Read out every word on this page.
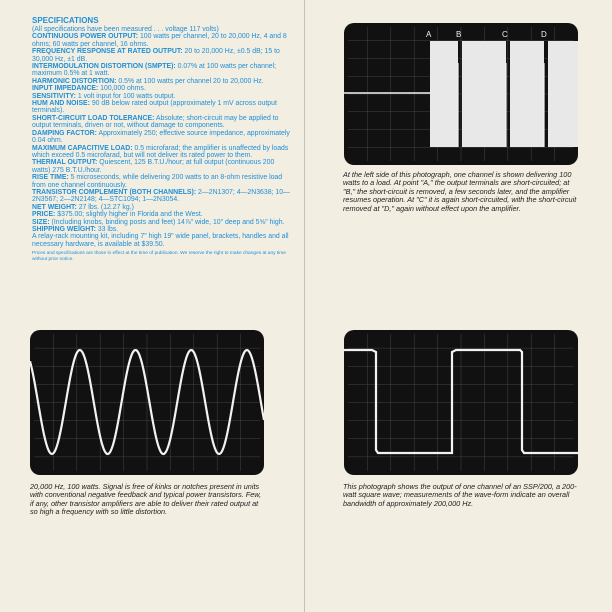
SPECIFICATIONS
(All specifications have been measured . . . voltage 117 volts)
CONTINUOUS POWER OUTPUT: 100 watts per channel, 20 to 20,000 Hz, 4 and 8 ohms; 60 watts per channel, 16 ohms.
FREQUENCY RESPONSE AT RATED OUTPUT: 20 to 20,000 Hz, ±0.5 dB; 15 to 30,000 Hz, ±1 dB.
INTERMODULATION DISTORTION (SMPTE): 0.07% at 100 watts per channel; maximum 0.5% at 1 watt.
HARMONIC DISTORTION: 0.5% at 100 watts per channel 20 to 20,000 Hz.
INPUT IMPEDANCE: 100,000 ohms.
SENSITIVITY: 1 volt input for 100 watts output.
HUM AND NOISE: 90 dB below rated output (approximately 1 mV across output terminals).
SHORT-CIRCUIT LOAD TOLERANCE: Absolute; short-circuit may be applied to output terminals, driven or not, without damage to components.
DAMPING FACTOR: Approximately 250; effective source impedance, approximately 0.04 ohm.
MAXIMUM CAPACITIVE LOAD: 0.5 microfarad; the amplifier is unaffected by loads which exceed 0.5 microfarad, but will not deliver its rated power to them.
THERMAL OUTPUT: Quiescent, 125 B.T.U./hour; at full output (continuous 200 watts) 275 B.T.U./hour.
RISE TIME: 5 microseconds, while delivering 200 watts to an 8-ohm resistive load from one channel continuously.
TRANSISTOR COMPLEMENT (BOTH CHANNELS): 2—2N1307; 4—2N3638; 10—2N3567; 2—2N2148; 4—STC1094; 1—2N3054.
NET WEIGHT: 27 lbs. (12.27 kg.)
PRICE: $375.00; slightly higher in Florida and the West.
SIZE: (Including knobs, binding posts and feet) 14⅞" wide, 10" deep and 5⅝" high.
SHIPPING WEIGHT: 33 lbs.
A relay-rack mounting kit, including 7" high 19" wide panel, brackets, handles and all necessary hardware, is available at $39.50.
Prices and specifications are those in effect at the time of publication. We reserve the right to make changes at any time without prior notice.
20,000 Hz, 100 watts. Signal is free of kinks or notches present in units with conventional negative feedback and typical power transistors. Few, if any, other transistor amplifiers are able to deliver their rated output at so high a frequency with so little distortion.
A	B	C	D
At the left side of this photograph, one channel is shown delivering 100 watts to a load. At point "A," the output terminals are short-circuited; at "B," the short-circuit is removed, a few seconds later, and the amplifier resumes operation. At "C" it is again short-circuited, with the short-circuit removed at "D," again without effect upon the amplifier.
This photograph shows the output of one channel of an SSP/200, a 200-watt square wave; measurements of the wave-form indicate an overall bandwidth of approximately 200,000 Hz.
